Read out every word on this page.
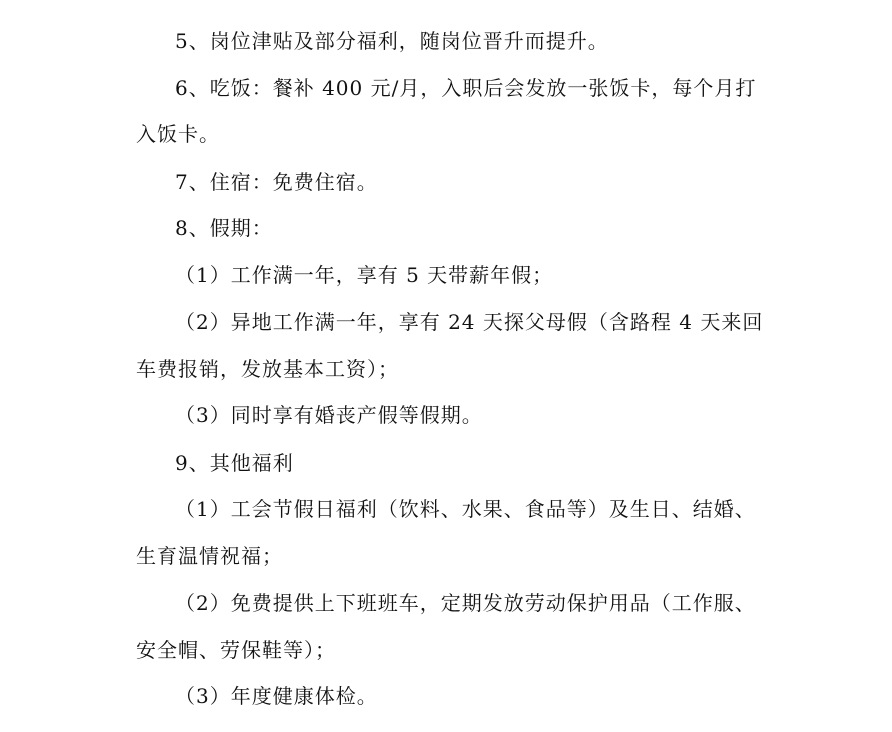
5、岗位津贴及部分福利，随岗位晋升而提升。
6、吃饭：餐补 400 元/月，入职后会发放一张饭卡，每个月打
入饭卡。
7、住宿：免费住宿。
8、假期：
（1）工作满一年，享有 5 天带薪年假；
（2）异地工作满一年，享有 24 天探父母假（含路程 4 天来回
车费报销，发放基本工资）；
（3）同时享有婚丧产假等假期。
9、其他福利
（1）工会节假日福利（饮料、水果、食品等）及生日、结婚、
生育温情祝福；
（2）免费提供上下班班车，定期发放劳动保护用品（工作服、
安全帽、劳保鞋等）；
（3）年度健康体检。
